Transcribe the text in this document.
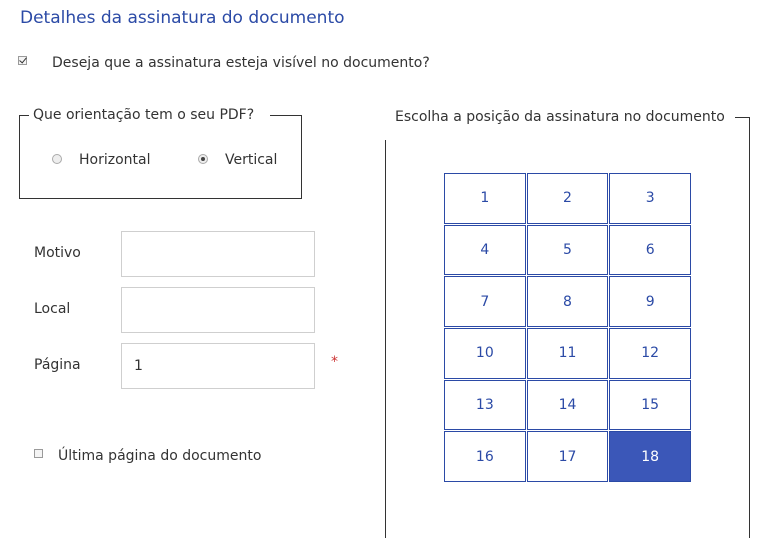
Detalhes da assinatura do documento
Deseja que a assinatura esteja visível no documento?
Que orientação tem o seu PDF?
Horizontal	Vertical
Motivo
Local
Página
1	*
Última página do documento
Escolha a posição da assinatura no documento
1	2	3
4	5	6
7	8	9
10	11	12
13	14	15
16	17	18
